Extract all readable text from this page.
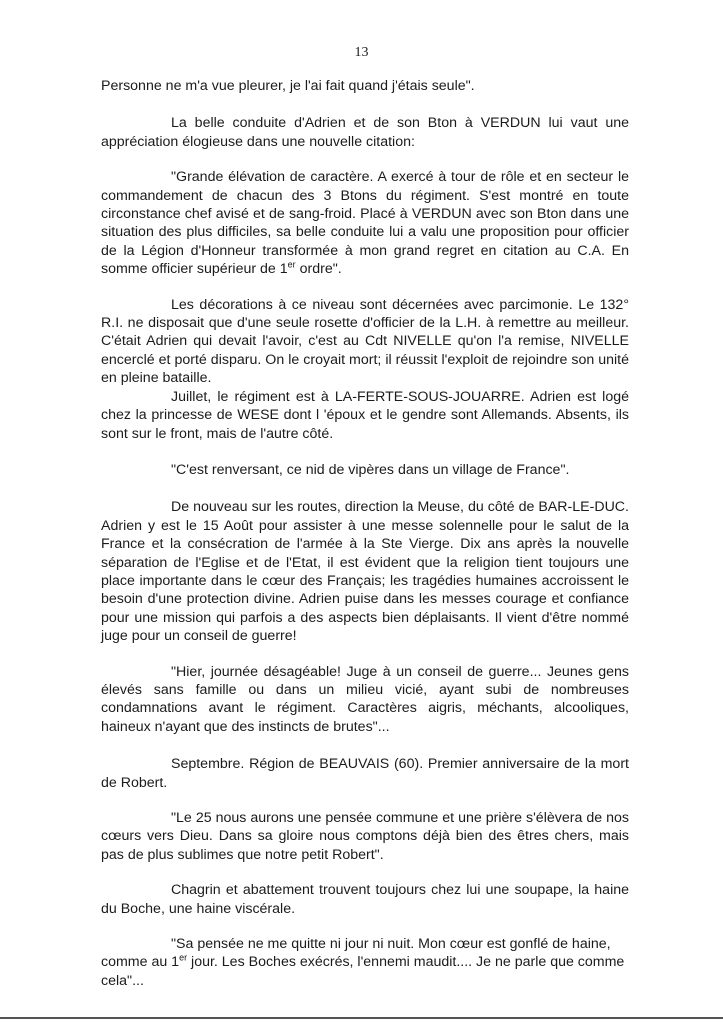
13

Personne ne m'a vue pleurer, je l'ai fait quand j'étais seule".

La belle conduite d'Adrien et de son Bton à VERDUN lui vaut une appréciation élogieuse dans une nouvelle citation:

"Grande élévation de caractère. A exercé à tour de rôle et en secteur le commandement de chacun des 3 Btons du régiment. S'est montré en toute circonstance chef avisé et de sang-froid. Placé à VERDUN avec son Bton dans une situation des plus difficiles, sa belle conduite lui a valu une proposition pour officier de la Légion d'Honneur transformée à mon grand regret en citation au C.A. En somme officier supérieur de 1er ordre".

Les décorations à ce niveau sont décernées avec parcimonie. Le 132° R.I. ne disposait que d'une seule rosette d'officier de la L.H. à remettre au meilleur. C'était Adrien qui devait l'avoir, c'est au Cdt NIVELLE qu'on l'a remise, NIVELLE encerclé et porté disparu. On le croyait mort; il réussit l'exploit de rejoindre son unité en pleine bataille.

Juillet, le régiment est à LA-FERTE-SOUS-JOUARRE. Adrien est logé chez la princesse de WESE dont l 'époux et le gendre sont Allemands. Absents, ils sont sur le front, mais de l'autre côté.

"C'est renversant, ce nid de vipères dans un village de France".

De nouveau sur les routes, direction la Meuse, du côté de BAR-LE-DUC. Adrien y est le 15 Août pour assister à une messe solennelle pour le salut de la France et la consécration de l'armée à la Ste Vierge. Dix ans après la nouvelle séparation de l'Eglise et de l'Etat, il est évident que la religion tient toujours une place importante dans le cœur des Français; les tragédies humaines accroissent le besoin d'une protection divine. Adrien puise dans les messes courage et confiance pour une mission qui parfois a des aspects bien déplaisants. Il vient d'être nommé juge pour un conseil de guerre!

"Hier, journée désagéable! Juge à un conseil de guerre... Jeunes gens élevés sans famille ou dans un milieu vicié, ayant subi de nombreuses condamnations avant le régiment. Caractères aigris, méchants, alcooliques, haineux n'ayant que des instincts de brutes"...

Septembre. Région de BEAUVAIS (60). Premier anniversaire de la mort de Robert.

"Le 25 nous aurons une pensée commune et une prière s'élèvera de nos cœurs vers Dieu. Dans sa gloire nous comptons déjà bien des êtres chers, mais pas de plus sublimes que notre petit Robert".

Chagrin et abattement trouvent toujours chez lui une soupape, la haine du Boche, une haine viscérale.

"Sa pensée ne me quitte ni jour ni nuit. Mon cœur est gonflé de haine, comme au 1er jour. Les Boches exécrés, l'ennemi maudit.... Je ne parle que comme cela"...
